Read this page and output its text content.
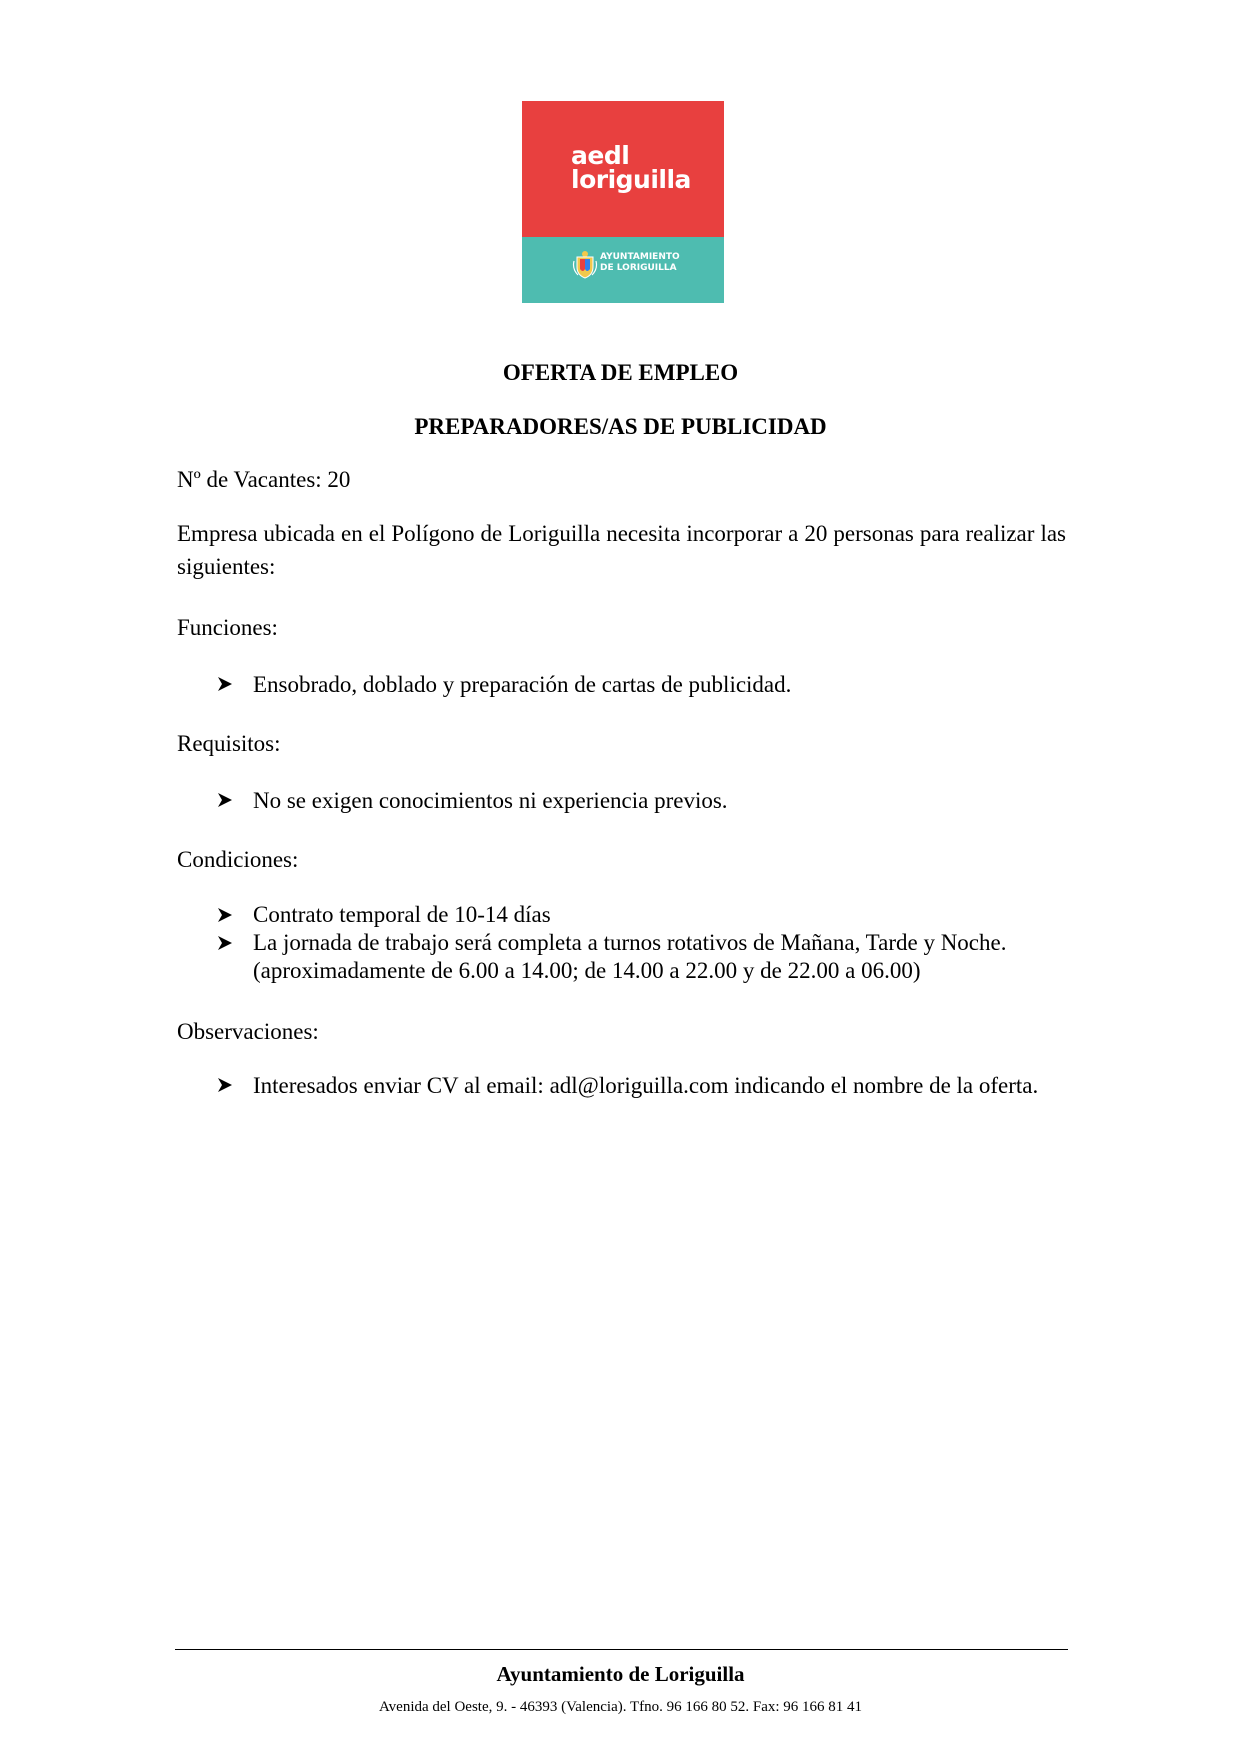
aedl
loriguilla
AYUNTAMIENTO
DE LORIGUILLA
OFERTA DE EMPLEO
PREPARADORES/AS DE PUBLICIDAD
Nº de Vacantes: 20
Empresa ubicada en el Polígono de Loriguilla necesita incorporar a 20 personas para realizar las siguientes:
Funciones:
Ensobrado, doblado y preparación de cartas de publicidad.
Requisitos:
No se exigen conocimientos ni experiencia previos.
Condiciones:
Contrato temporal de 10-14 días
La jornada de trabajo será completa a turnos rotativos de Mañana, Tarde y Noche. (aproximadamente de 6.00 a 14.00; de 14.00 a 22.00 y de 22.00 a 06.00)
Observaciones:
Interesados enviar CV al email: adl@loriguilla.com indicando el nombre de la oferta.
Ayuntamiento de Loriguilla
Avenida del Oeste, 9. - 46393 (Valencia). Tfno. 96 166 80 52. Fax: 96 166 81 41
